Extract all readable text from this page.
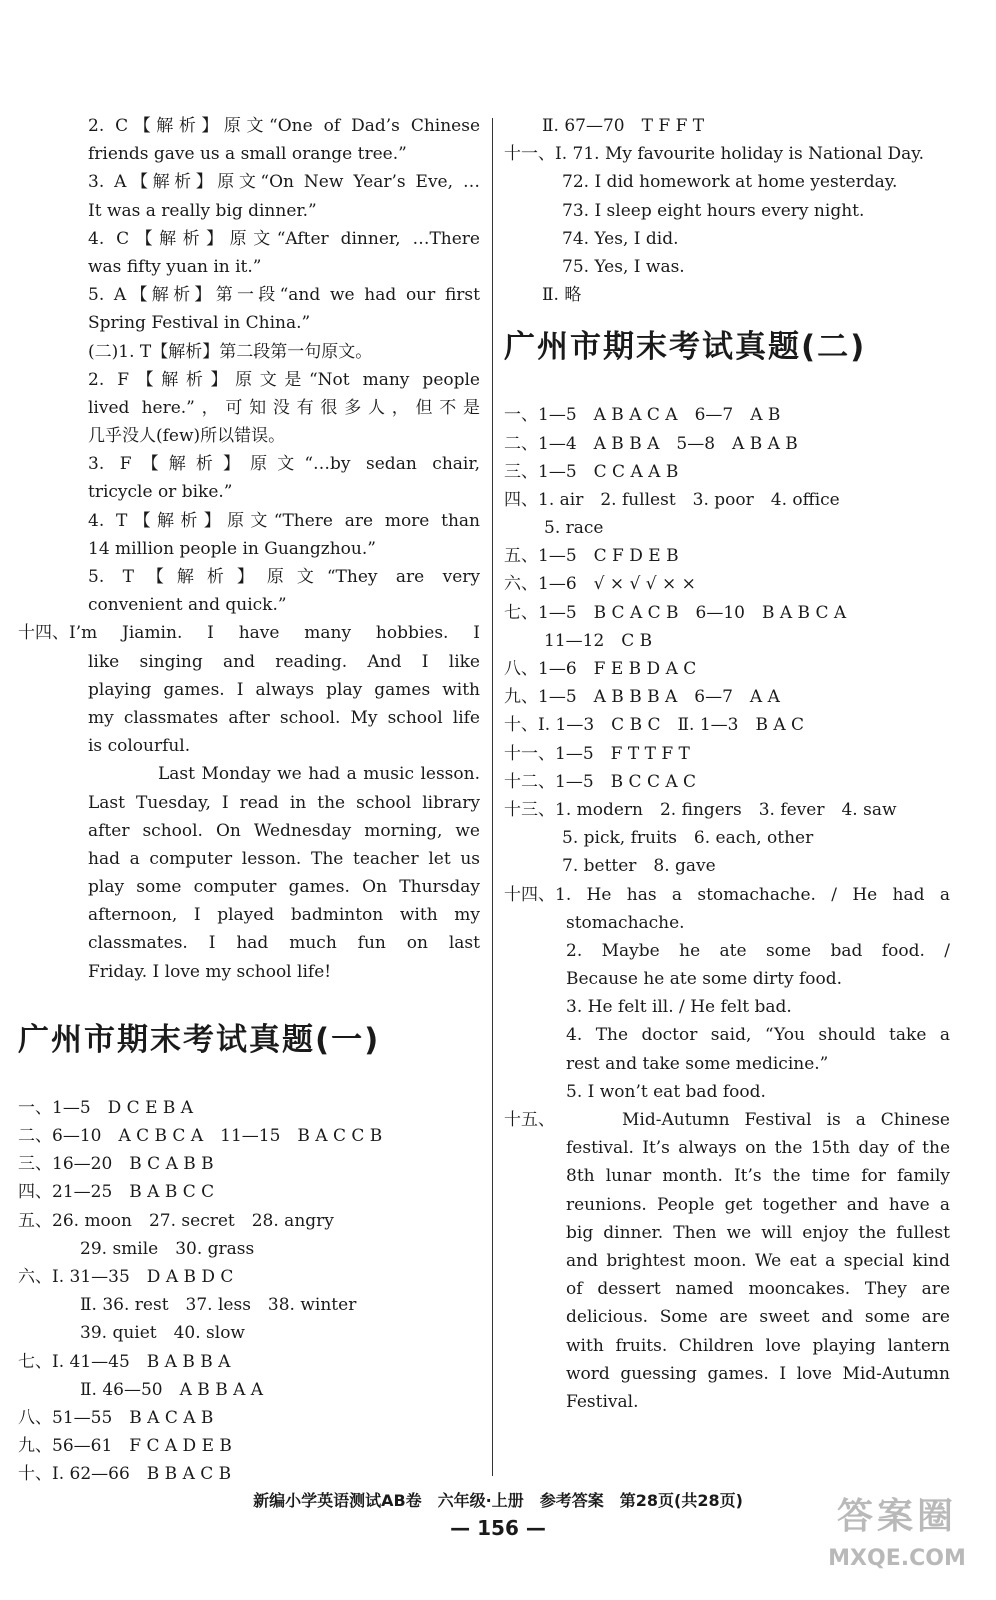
2. C【解析】原文“One of Dad’s Chinese
friends gave us a small orange tree.”
3. A【解析】原文“On New Year’s Eve, …
It was a really big dinner.”
4. C【解析】原文“After dinner, …There
was fifty yuan in it.”
5. A【解析】第一段“and we had our first
Spring Festival in China.”
(二)1. T【解析】第二段第一句原文。
2. F【解析】原文是“Not many people
lived here.”，可知没有很多人，但不是
几乎没人(few)所以错误。
3. F【解析】原文“…by sedan chair,
tricycle or bike.”
4. T【解析】原文“There are more than
14 million people in Guangzhou.”
5. T【解析】原文“They are very
convenient and quick.”
十四、 I’m Jiamin. I have many hobbies. I
like singing and reading. And I like
playing games. I always play games with
my classmates after school. My school life
is colourful.
Last Monday we had a music lesson.
Last Tuesday, I read in the school library
after school. On Wednesday morning, we
had a computer lesson. The teacher let us
play some computer games. On Thursday
afternoon, I played badminton with my
classmates. I had much fun on last
Friday. I love my school life!
广州市期末考试真题(一)
一、 1—5　D C E B A
二、 6—10　A C B C A　11—15　B A C C B
三、 16—20　B C A B B
四、 21—25　B A B C C
五、 26. moon　27. secret　28. angry
29. smile　30. grass
六、 Ⅰ. 31—35　D A B D C
Ⅱ. 36. rest　37. less　38. winter
39. quiet　40. slow
七、 Ⅰ. 41—45　B A B B A
Ⅱ. 46—50　A B B A A
八、 51—55　B A C A B
九、 56—61　F C A D E B
十、 Ⅰ. 62—66　B B A C B
Ⅱ. 67—70　T F F T
十一、 Ⅰ. 71. My favourite holiday is National Day.
72. I did homework at home yesterday.
73. I sleep eight hours every night.
74. Yes, I did.
75. Yes, I was.
Ⅱ. 略
广州市期末考试真题(二)
一、 1—5　A B A C A　6—7　A B
二、 1—4　A B B A　5—8　A B A B
三、 1—5　C C A A B
四、 1. air　2. fullest　3. poor　4. office
5. race
五、 1—5　C F D E B
六、 1—6　√ × √ √ × ×
七、 1—5　B C A C B　6—10　B A B C A
11—12　C B
八、 1—6　F E B D A C
九、 1—5　A B B B A　6—7　A A
十、 Ⅰ. 1—3　C B C　Ⅱ. 1—3　B A C
十一、 1—5　F T T F T
十二、 1—5　B C C A C
十三、 1. modern　2. fingers　3. fever　4. saw
5. pick, fruits　6. each, other
7. better　8. gave
十四、 1. He has a stomachache. / He had a
stomachache.
2. Maybe he ate some bad food. /
Because he ate some dirty food.
3. He felt ill. / He felt bad.
4. The doctor said, “You should take a
rest and take some medicine.”
5. I won’t eat bad food.
十五、	Mid-Autumn Festival is a Chinese
festival. It’s always on the 15th day of the
8th lunar month. It’s the time for family
reunions. People get together and have a
big dinner. Then we will enjoy the fullest
and brightest moon. We eat a special kind
of dessert named mooncakes. They are
delicious. Some are sweet and some are
with fruits. Children love playing lantern
word guessing games. I love Mid-Autumn
Festival.
新编小学英语测试AB卷　六年级·上册　参考答案　第28页(共28页)
— 156 —	答案圈
MXQE.COM
